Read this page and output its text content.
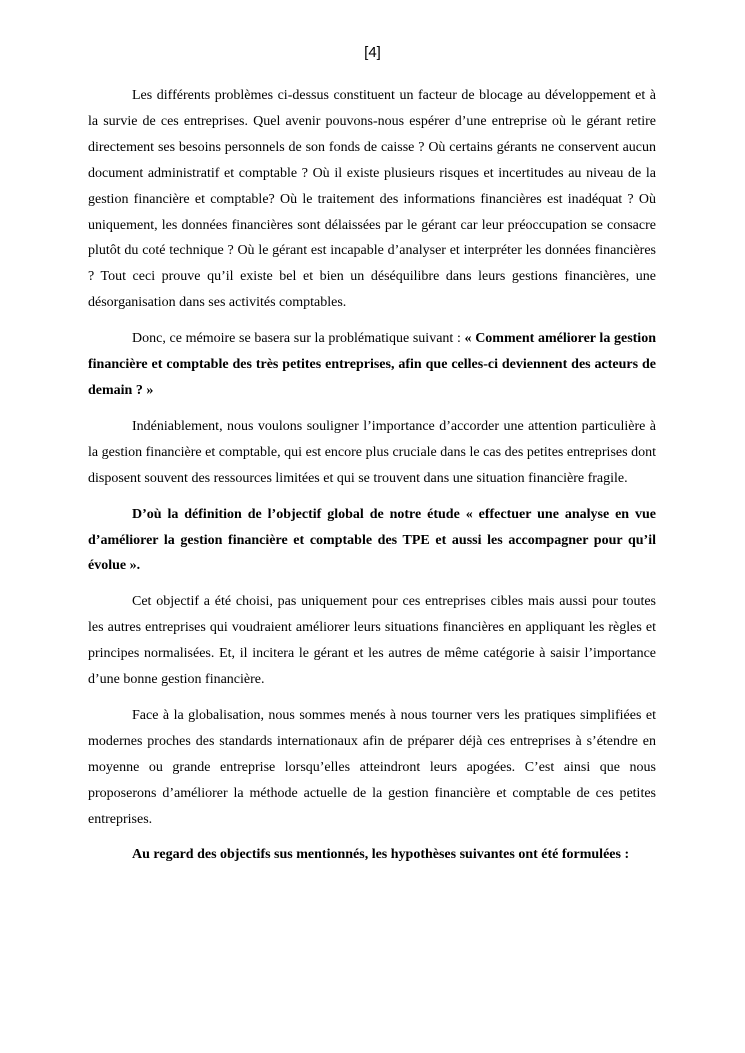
[4]

Les différents problèmes ci-dessus constituent un facteur de blocage au développement et à la survie de ces entreprises. Quel avenir pouvons-nous espérer d’une entreprise où le gérant retire directement ses besoins personnels de son fonds de caisse ? Où certains gérants ne conservent aucun document administratif et comptable ? Où il existe plusieurs risques et incertitudes au niveau de la gestion financière et comptable? Où le traitement des informations financières est inadéquat ? Où uniquement, les données financières sont délaissées par le gérant car leur préoccupation se consacre plutôt du coté technique ? Où le gérant est incapable d’analyser et interpréter les données financières ? Tout ceci prouve qu’il existe bel et bien un déséquilibre dans leurs gestions financières, une désorganisation dans ses activités comptables.

Donc, ce mémoire se basera sur la problématique suivant : « Comment améliorer la gestion financière et comptable des très petites entreprises, afin que celles-ci deviennent des acteurs de demain ? »

Indéniablement, nous voulons souligner l’importance d’accorder une attention particulière à la gestion financière et comptable, qui est encore plus cruciale dans le cas des petites entreprises dont disposent souvent des ressources limitées et qui se trouvent dans une situation financière fragile.

D’où la définition de l’objectif global de notre étude « effectuer une analyse en vue d’améliorer la gestion financière et comptable des TPE et aussi les accompagner pour qu’il évolue ».

Cet objectif a été choisi, pas uniquement pour ces entreprises cibles mais aussi pour toutes les autres entreprises qui voudraient améliorer leurs situations financières en appliquant les règles et principes normalisées. Et, il incitera le gérant et les autres de même catégorie à saisir l’importance d’une bonne gestion financière.

Face à la globalisation, nous sommes menés à nous tourner vers les pratiques simplifiées et modernes proches des standards internationaux afin de préparer déjà ces entreprises à s’étendre en moyenne ou grande entreprise lorsqu’elles atteindront leurs apogées. C’est ainsi que nous proposerons d’améliorer la méthode actuelle de la gestion financière et comptable de ces petites entreprises.

Au regard des objectifs sus mentionnés, les hypothèses suivantes ont été formulées :
